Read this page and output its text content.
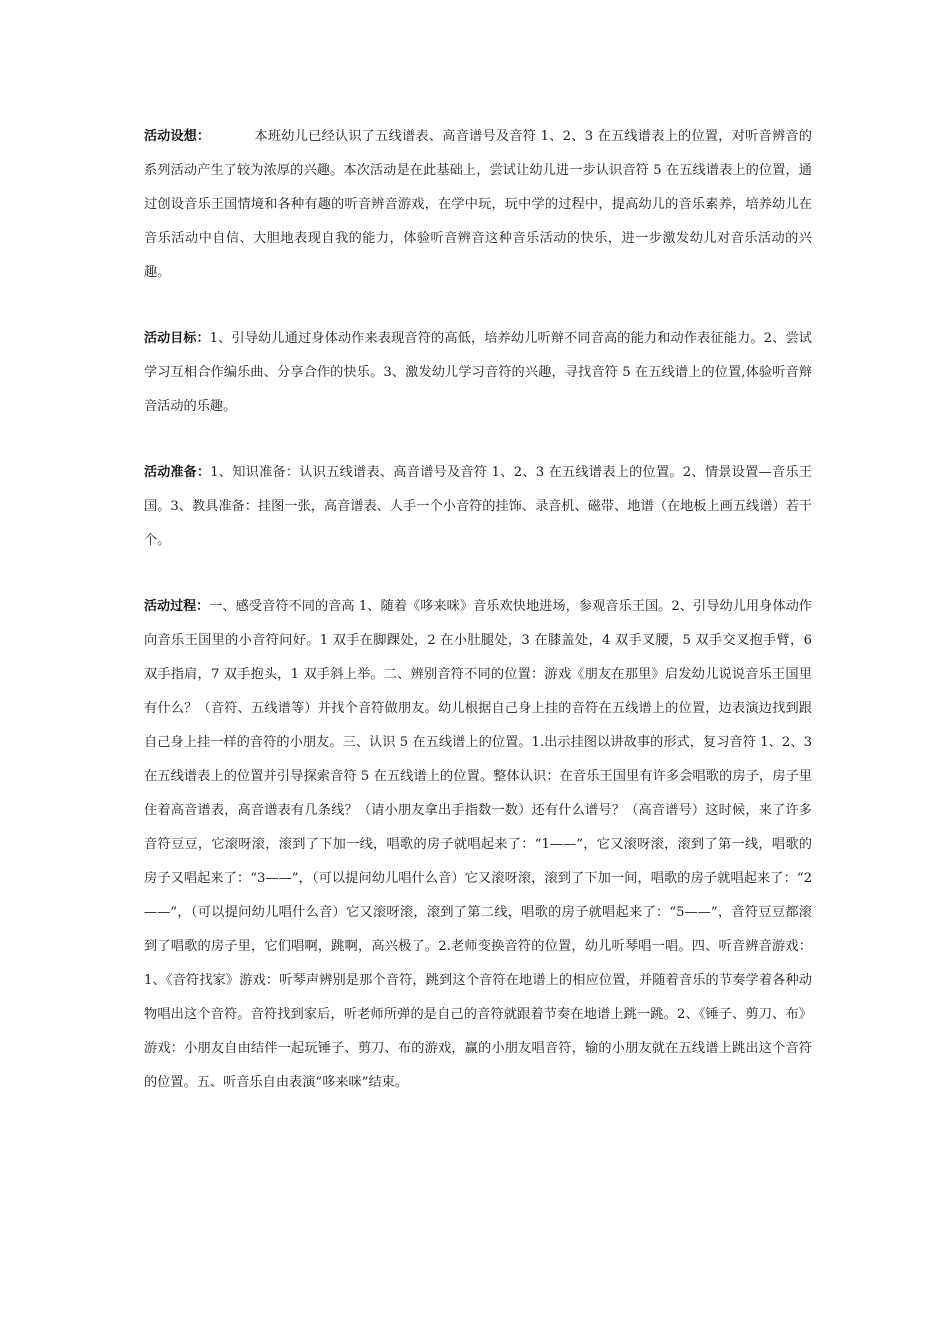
活动设想：	本班幼儿已经认识了五线谱表、高音谱号及音符 1、2、3 在五线谱表上的位置，对听音辨音的系列活动产生了较为浓厚的兴趣。本次活动是在此基础上，尝试让幼儿进一步认识音符 5 在五线谱表上的位置，通过创设音乐王国情境和各种有趣的听音辨音游戏，在学中玩，玩中学的过程中，提高幼儿的音乐素养，培养幼儿在音乐活动中自信、大胆地表现自我的能力，体验听音辨音这种音乐活动的快乐，进一步激发幼儿对音乐活动的兴趣。

活动目标：1、引导幼儿通过身体动作来表现音符的高低，培养幼儿听辩不同音高的能力和动作表征能力。2、尝试学习互相合作编乐曲、分享合作的快乐。3、激发幼儿学习音符的兴趣，寻找音符 5 在五线谱上的位置,体验听音辩音活动的乐趣。

活动准备：1、知识准备：认识五线谱表、高音谱号及音符 1、2、3 在五线谱表上的位置。2、情景设置—音乐王国。3、教具准备：挂图一张，高音谱表、人手一个小音符的挂饰、录音机、磁带、地谱（在地板上画五线谱）若干个。

活动过程：一、感受音符不同的音高 1、随着《哆来咪》音乐欢快地进场，参观音乐王国。2、引导幼儿用身体动作向音乐王国里的小音符问好。1 双手在脚踝处，2 在小肚腿处，3 在膝盖处，4 双手叉腰，5 双手交叉抱手臂，6 双手指肩，7 双手抱头，1 双手斜上举。二、辨别音符不同的位置：游戏《朋友在那里》启发幼儿说说音乐王国里有什么？（音符、五线谱等）并找个音符做朋友。幼儿根据自己身上挂的音符在五线谱上的位置，边表演边找到跟自己身上挂一样的音符的小朋友。三、认识 5 在五线谱上的位置。1.出示挂图以讲故事的形式，复习音符 1、2、3 在五线谱表上的位置并引导探索音符 5 在五线谱上的位置。整体认识：在音乐王国里有许多会唱歌的房子，房子里住着高音谱表，高音谱表有几条线？（请小朋友拿出手指数一数）还有什么谱号？（高音谱号）这时候，来了许多音符豆豆，它滚呀滚，滚到了下加一线，唱歌的房子就唱起来了：“1——”，它又滚呀滚，滚到了第一线，唱歌的房子又唱起来了：“3——”，（可以提问幼儿唱什么音）它又滚呀滚，滚到了下加一间，唱歌的房子就唱起来了：“2——”，（可以提问幼儿唱什么音）它又滚呀滚，滚到了第二线，唱歌的房子就唱起来了：“5——”，音符豆豆都滚到了唱歌的房子里，它们唱啊，跳啊，高兴极了。2.老师变换音符的位置，幼儿听琴唱一唱。四、听音辨音游戏：1、《音符找家》游戏：听琴声辨别是那个音符，跳到这个音符在地谱上的相应位置，并随着音乐的节奏学着各种动物唱出这个音符。音符找到家后，听老师所弹的是自己的音符就跟着节奏在地谱上跳一跳。2、《锤子、剪刀、布》游戏：小朋友自由结伴一起玩锤子、剪刀、布的游戏，赢的小朋友唱音符，输的小朋友就在五线谱上跳出这个音符的位置。五、听音乐自由表演“哆来咪”结束。
